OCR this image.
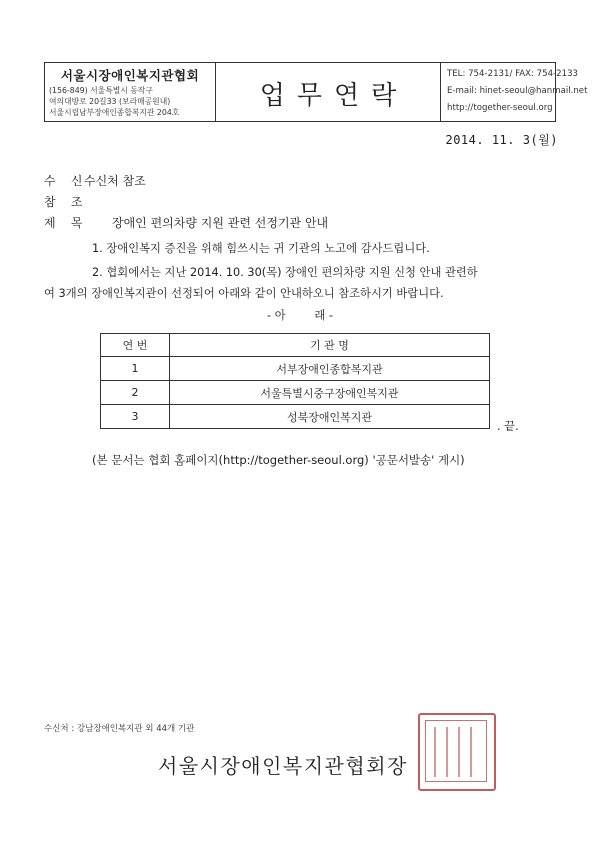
서울시장애인복지관협회
(156-849) 서울특별시 동작구
여의대방로 20길33 (보라매공원내)
서울시립남부장애인종합복지관 204호
업무연락
TEL: 754-2131/ FAX: 754-2133
E-mail: hinet-seoul@hanmail.net
http://together-seoul.org
2014. 11. 3(월)
수    신 수신처 참조
참    조
제    목 장애인 편의차량 지원 관련 선정기관 안내
1. 장애인복지 증진을 위해 힘쓰시는 귀 기관의 노고에 감사드립니다.
2. 협회에서는 지난 2014. 10. 30(목) 장애인 편의차량 지원 신청 안내 관련하
여 3개의 장애인복지관이 선정되어 아래와 같이 안내하오니 참조하시기 바랍니다.
- 아        래 -
연 번	기 관 명
1	서부장애인종합복지관
2	서울특별시중구장애인복지관
3	성북장애인복지관
. 끝.
(본 문서는 협회 홈페이지(http://together-seoul.org) '공문서발송' 게시)
수신처 : 강남장애인복지관 외 44개 기관
서울시장애인복지관협회장
